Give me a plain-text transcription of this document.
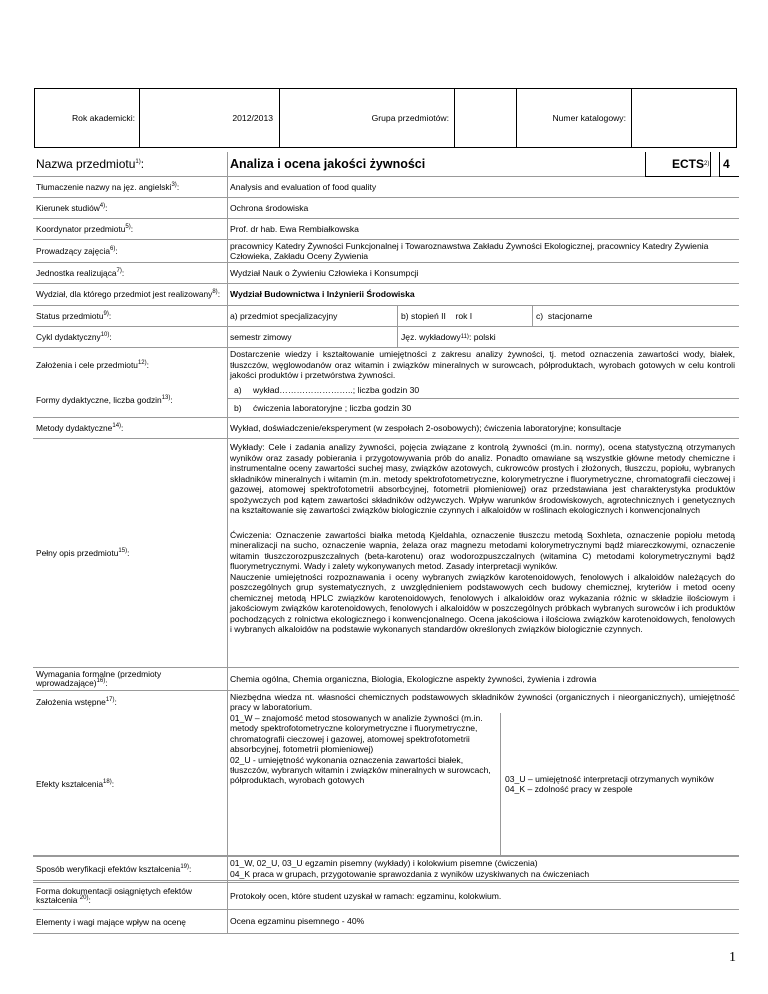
Rok akademicki:	2012/2013	Grupa przedmiotów:	Numer katalogowy:
Nazwa przedmiotu$^{1)}$:	Analiza i ocena jakości żywności	ECTS 2)	4
Tłumaczenie nazwy na jęz. angielski$^{3)}$:	Analysis and evaluation of food quality
Kierunek studiów$^{4)}$:	Ochrona środowiska
Koordynator przedmiotu$^{5)}$:	Prof. dr hab. Ewa Rembiałkowska
Prowadzący zajęcia$^{6)}$:
pracownicy Katedry Żywności Funkcjonalnej i Towaroznawstwa Zakładu Żywności Ekologicznej, pracownicy Katedry Żywienia Człowieka, Zakładu Oceny Żywienia
Jednostka realizująca$^{7)}$:	Wydział Nauk o Żywieniu Człowieka i Konsumpcji
Wydział, dla którego przedmiot jest realizowany$^{8)}$:	Wydział Budownictwa i Inżynierii Środowiska
Status przedmiotu$^{9)}$:	a) przedmiot specjalizacyjny	b) stopień II    rok I	c)  stacjonarne
Cykl dydaktyczny$^{10)}$:	semestr zimowy	Jęz. wykładowy 11) : polski
Założenia i cele przedmiotu$^{12)}$:
Dostarczenie wiedzy i kształtowanie umiejętności z zakresu analizy żywności, tj. metod oznaczenia zawartości wody, białek, tłuszczów, węglowodanów oraz witamin i związków mineralnych w surowcach, półproduktach, wyrobach gotowych w celu kontroli jakości produktów i przetwórstwa żywności.
Formy dydaktyczne, liczba godzin$^{13)}$:
a)	wykład……………………..; liczba godzin 30
b)	ćwiczenia laboratoryjne ; liczba godzin 30
Metody dydaktyczne$^{14)}$:	Wykład, doświadczenie/eksperyment (w zespołach 2-osobowych); ćwiczenia laboratoryjne; konsultacje
Pełny opis przedmiotu$^{15)}$:
Wykłady: Cele i zadania analizy żywności, pojęcia związane z kontrolą żywności (m.in. normy), ocena statystyczną otrzymanych wyników oraz zasady pobierania i przygotowywania prób do analiz. Ponadto omawiane są wszystkie główne metody chemiczne i instrumentalne oceny zawartości suchej masy, związków azotowych, cukrowców prostych i złożonych, tłuszczu, popiołu, wybranych składników mineralnych i witamin (m.in. metody spektrofotometryczne, kolorymetryczne i fluorymetryczne, chromatografii cieczowej i gazowej, atomowej spektrofotometrii absorbcyjnej, fotometrii płomieniowej) oraz przedstawiana jest charakterystyka produktów spożywczych pod kątem zawartości składników odżywczych. Wpływ warunków środowiskowych, agrotechnicznych i genetycznych na kształtowanie się zawartości związków biologicznie czynnych i alkaloidów w roślinach ekologicznych i konwencjonalnych
Ćwiczenia: Oznaczenie zawartości białka metodą Kjeldahla, oznaczenie tłuszczu metodą Soxhleta, oznaczenie popiołu metodą mineralizacji na sucho, oznaczenie wapnia, żelaza oraz magnezu metodami kolorymetrycznymi bądź miareczkowymi, oznaczenie witamin tłuszczorozpuszczalnych (beta-karotenu) oraz wodorozpuszczalnych (witamina C) metodami kolorymetrycznymi bądź fluorymetrycznymi. Wady i zalety wykonywanych metod. Zasady interpretacji wyników.
Nauczenie umiejętności rozpoznawania i oceny wybranych związków karotenoidowych, fenolowych i alkaloidów należących do poszczególnych grup systematycznych, z uwzględnieniem podstawowych cech budowy chemicznej, kryteriów i metod oceny chemicznej metodą HPLC związków karotenoidowych, fenolowych i alkaloidów oraz wykazania różnic w składzie ilościowym i jakościowym związków karotenoidowych, fenolowych i alkaloidów w poszczególnych próbkach wybranych surowców i ich produktów pochodzących z rolnictwa ekologicznego i konwencjonalnego. Ocena jakościowa i ilościowa związków karotenoidowych, fenolowych i wybranych alkaloidów na podstawie wykonanych standardów określonych związków biologicznie czynnych.
Wymagania formalne (przedmioty wprowadzające)$^{16)}$:	Chemia ogólna, Chemia organiczna, Biologia, Ekologiczne aspekty żywności, żywienia i zdrowia
Założenia wstępne$^{17)}$:
Niezbędna wiedza nt. własności chemicznych podstawowych składników żywności (organicznych i nieorganicznych), umiejętność pracy w laboratorium.
1
Efekty kształcenia$^{18)}$:
01_W – znajomość metod stosowanych w analizie żywności (m.in. metody spektrofotometryczne kolorymetryczne i fluorymetryczne, chromatografii cieczowej i gazowej, atomowej spektrofotometrii absorbcyjnej, fotometrii płomieniowej)
02_U - umiejętność wykonania oznaczenia zawartości białek, tłuszczów, wybranych witamin i związków mineralnych w surowcach, półproduktach, wyrobach gotowych	03_U – umiejętność interpretacji otrzymanych wyników
04_K – zdolność pracy w zespole
Sposób weryfikacji efektów kształcenia$^{19)}$:
01_W, 02_U, 03_U egzamin pisemny (wykłady) i kolokwium pisemne (ćwiczenia)
04_K praca w grupach, przygotowanie sprawozdania z wyników uzyskiwanych na ćwiczeniach
Forma dokumentacji osiągniętych efektów kształcenia $^{20)}$:	Protokoły ocen, które student uzyskał w ramach: egzaminu, kolokwium.
Elementy i wagi mające wpływ na ocenę	Ocena egzaminu pisemnego - 40%
